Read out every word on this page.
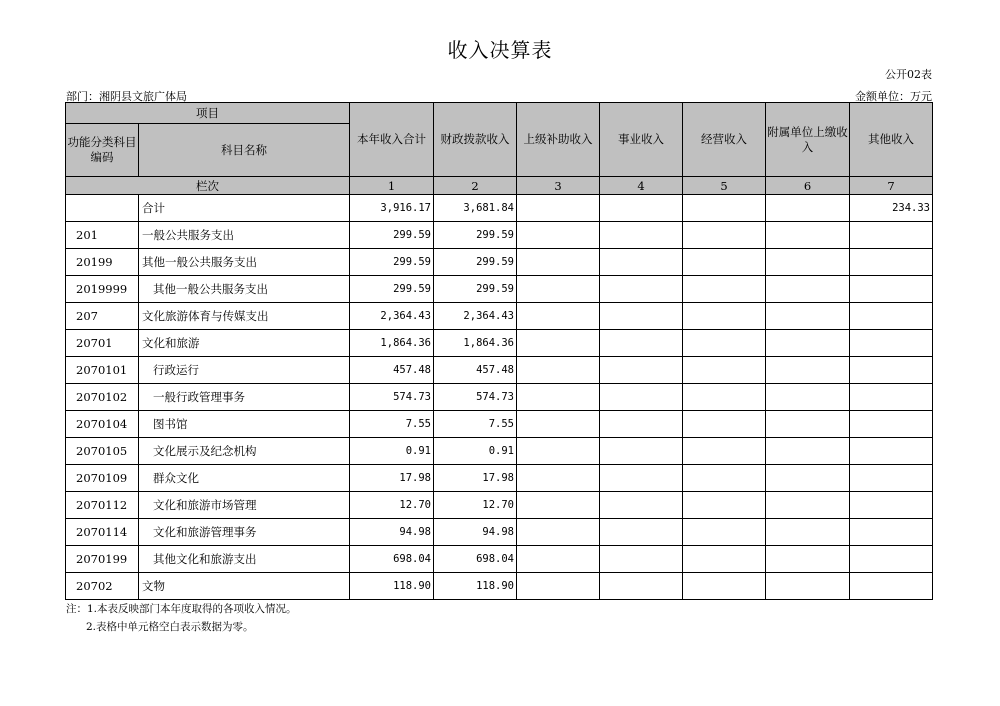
收入决算表
公开02表
部门：湘阴县文旅广体局	金额单位：万元
项目		本年收入合计	财政拨款收入	上级补助收入	事业收入	经营收入	附属单位上缴收入	其他收入
功能分类科目编码	科目名称							
栏次		1	2	3	4	5	6	7
	合计	3,916.17	3,681.84					234.33
201	一般公共服务支出	299.59	299.59					
20199	其他一般公共服务支出	299.59	299.59					
2019999	其他一般公共服务支出	299.59	299.59					
207	文化旅游体育与传媒支出	2,364.43	2,364.43					
20701	文化和旅游	1,864.36	1,864.36					
2070101	行政运行	457.48	457.48					
2070102	一般行政管理事务	574.73	574.73					
2070104	图书馆	7.55	7.55					
2070105	文化展示及纪念机构	0.91	0.91					
2070109	群众文化	17.98	17.98					
2070112	文化和旅游市场管理	12.70	12.70					
2070114	文化和旅游管理事务	94.98	94.98					
2070199	其他文化和旅游支出	698.04	698.04					
20702	文物	118.90	118.90					
注：1.本表反映部门本年度取得的各项收入情况。
2.表格中单元格空白表示数据为零。
